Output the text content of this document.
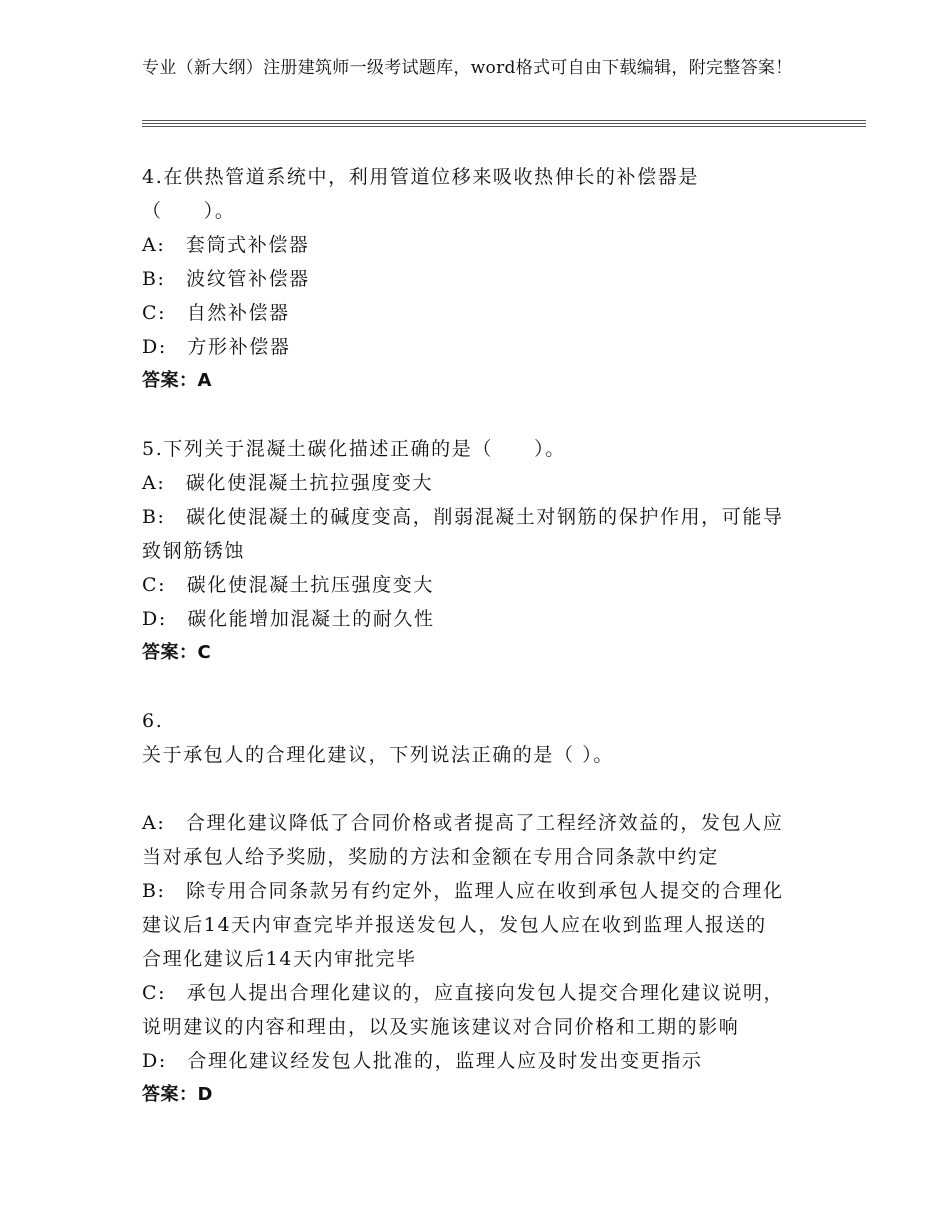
专业（新大纲）注册建筑师一级考试题库，word格式可自由下载编辑，附完整答案！
4.在供热管道系统中，利用管道位移来吸收热伸长的补偿器是
（　　）。
A:　套筒式补偿器
B:　波纹管补偿器
C:　自然补偿器
D:　方形补偿器
答案：A
5.下列关于混凝土碳化描述正确的是（　　）。
A:　碳化使混凝土抗拉强度变大
B:　碳化使混凝土的碱度变高，削弱混凝土对钢筋的保护作用，可能导
致钢筋锈蚀
C:　碳化使混凝土抗压强度变大
D:　碳化能增加混凝土的耐久性
答案：C
6.
关于承包人的合理化建议，下列说法正确的是（ ）。
A:　合理化建议降低了合同价格或者提高了工程经济效益的，发包人应
当对承包人给予奖励，奖励的方法和金额在专用合同条款中约定
B:　除专用合同条款另有约定外，监理人应在收到承包人提交的合理化
建议后14天内审查完毕并报送发包人，发包人应在收到监理人报送的
合理化建议后14天内审批完毕
C:　承包人提出合理化建议的，应直接向发包人提交合理化建议说明，
说明建议的内容和理由，以及实施该建议对合同价格和工期的影响
D:　合理化建议经发包人批准的，监理人应及时发出变更指示
答案：D
